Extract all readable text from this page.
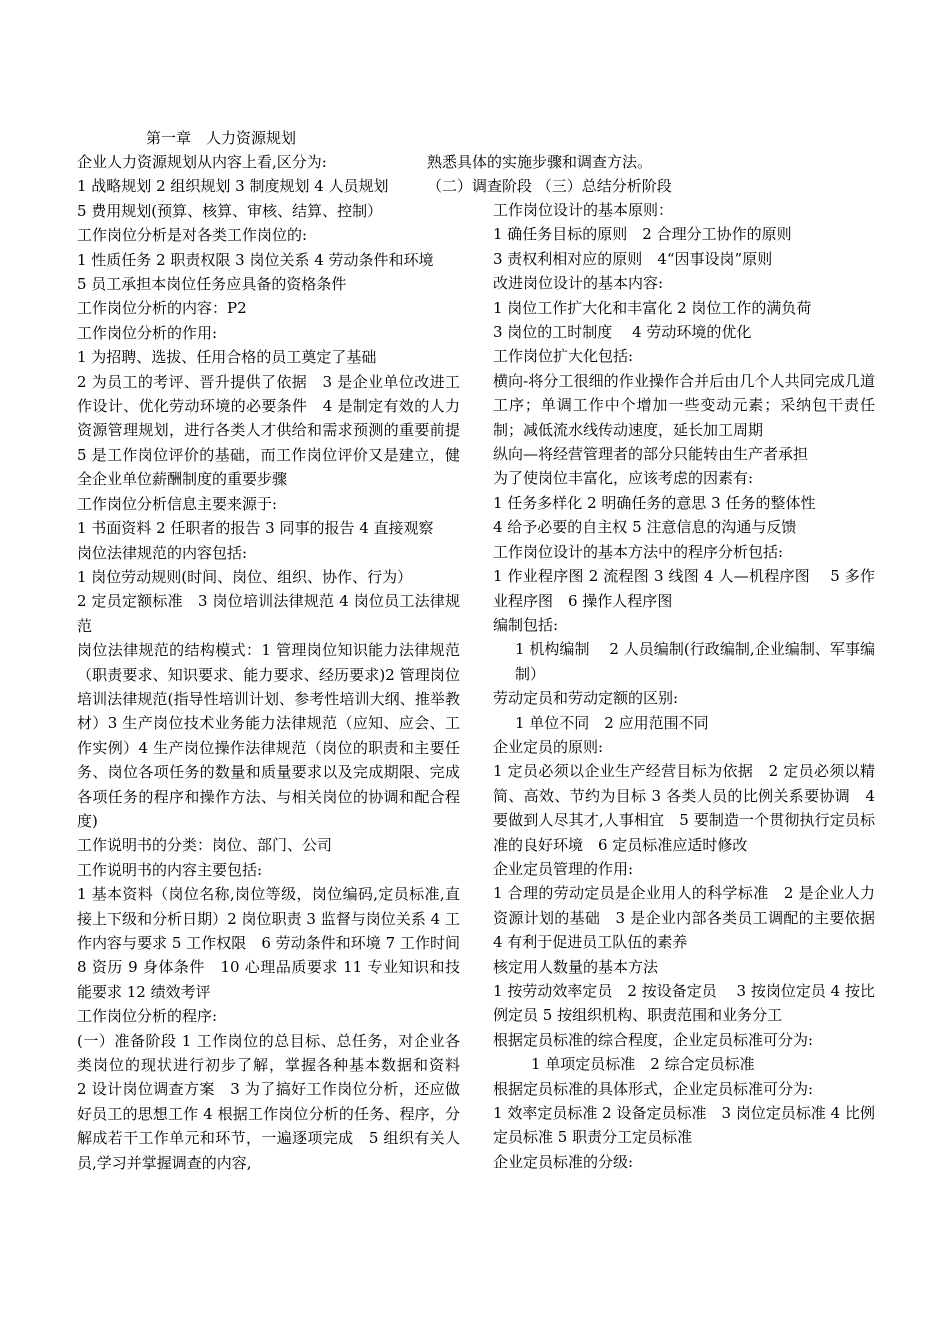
第一章　人力资源规划
熟悉具体的实施步骤和调查方法。
（二）调查阶段 （三）总结分析阶段

企业人力资源规划从内容上看,区分为:

1 战略规划 2 组织规划 3 制度规划 4 人员规划

5 费用规划(预算、核算、审核、结算、控制）

工作岗位分析是对各类工作岗位的:

1 性质任务 2 职责权限 3 岗位关系 4 劳动条件和环境

5 员工承担本岗位任务应具备的资格条件

工作岗位分析的内容：P2

工作岗位分析的作用:

1 为招聘、选拔、任用合格的员工奠定了基础

2 为员工的考评、晋升提供了依据　3 是企业单位改进工作设计、优化劳动环境的必要条件　4 是制定有效的人力资源管理规划，进行各类人才供给和需求预测的重要前提　5 是工作岗位评价的基础，而工作岗位评价又是建立，健全企业单位薪酬制度的重要步骤

工作岗位分析信息主要来源于:

1 书面资料 2 任职者的报告 3 同事的报告 4 直接观察

岗位法律规范的内容包括:

1 岗位劳动规则(时间、岗位、组织、协作、行为）

2 定员定额标准　3 岗位培训法律规范 4 岗位员工法律规范

岗位法律规范的结构模式：1 管理岗位知识能力法律规范（职责要求、知识要求、能力要求、经历要求)2 管理岗位培训法律规范(指导性培训计划、参考性培训大纲、推举教材）3 生产岗位技术业务能力法律规范（应知、应会、工作实例）4 生产岗位操作法律规范（岗位的职责和主要任务、岗位各项任务的数量和质量要求以及完成期限、完成各项任务的程序和操作方法、与相关岗位的协调和配合程度)

工作说明书的分类：岗位、部门、公司

工作说明书的内容主要包括:

1 基本资料（岗位名称,岗位等级，岗位编码,定员标准,直接上下级和分析日期）2 岗位职责 3 监督与岗位关系 4 工作内容与要求 5 工作权限　6 劳动条件和环境 7 工作时间　8 资历 9 身体条件　10 心理品质要求 11 专业知识和技能要求 12 绩效考评

工作岗位分析的程序:

(一）准备阶段 1 工作岗位的总目标、总任务，对企业各类岗位的现状进行初步了解，掌握各种基本数据和资料　2 设计岗位调查方案　3 为了搞好工作岗位分析，还应做好员工的思想工作 4 根据工作岗位分析的任务、程序，分解成若干工作单元和环节，一遍逐项完成　5 组织有关人员,学习并掌握调查的内容,

工作岗位设计的基本原则：

1 确任务目标的原则　2 合理分工协作的原则

3 责权利相对应的原则　4“因事设岗”原则

改进岗位设计的基本内容:

1 岗位工作扩大化和丰富化 2 岗位工作的满负荷

3 岗位的工时制度　 4 劳动环境的优化

工作岗位扩大化包括:

横向-将分工很细的作业操作合并后由几个人共同完成几道工序；单调工作中个增加一些变动元素；采纳包干责任制；减低流水线传动速度，延长加工周期

纵向—将经营管理者的部分只能转由生产者承担

为了使岗位丰富化，应该考虑的因素有:

1 任务多样化 2 明确任务的意思 3 任务的整体性

4 给予必要的自主权 5 注意信息的沟通与反馈

工作岗位设计的基本方法中的程序分析包括:

1 作业程序图 2 流程图 3 线图 4 人—机程序图　 5 多作业程序图　6 操作人程序图

编制包括:

1 机构编制　 2 人员编制(行政编制,企业编制、军事编制）

劳动定员和劳动定额的区别:

1 单位不同　2 应用范围不同

企业定员的原则:

1 定员必须以企业生产经营目标为依据　2 定员必须以精简、高效、节约为目标 3 各类人员的比例关系要协调　4 要做到人尽其才,人事相宜　5 要制造一个贯彻执行定员标准的良好环境　6 定员标准应适时修改

企业定员管理的作用:

1 合理的劳动定员是企业用人的科学标准　2 是企业人力资源计划的基础　3 是企业内部各类员工调配的主要依据　4 有利于促进员工队伍的素养

核定用人数量的基本方法

1 按劳动效率定员　2 按设备定员　 3 按岗位定员 4 按比例定员 5 按组织机构、职责范围和业务分工

根据定员标准的综合程度，企业定员标准可分为:

1 单项定员标准　2 综合定员标准

根据定员标准的具体形式，企业定员标准可分为:

1 效率定员标准 2 设备定员标准　3 岗位定员标准 4 比例定员标准 5 职责分工定员标准

企业定员标准的分级:
